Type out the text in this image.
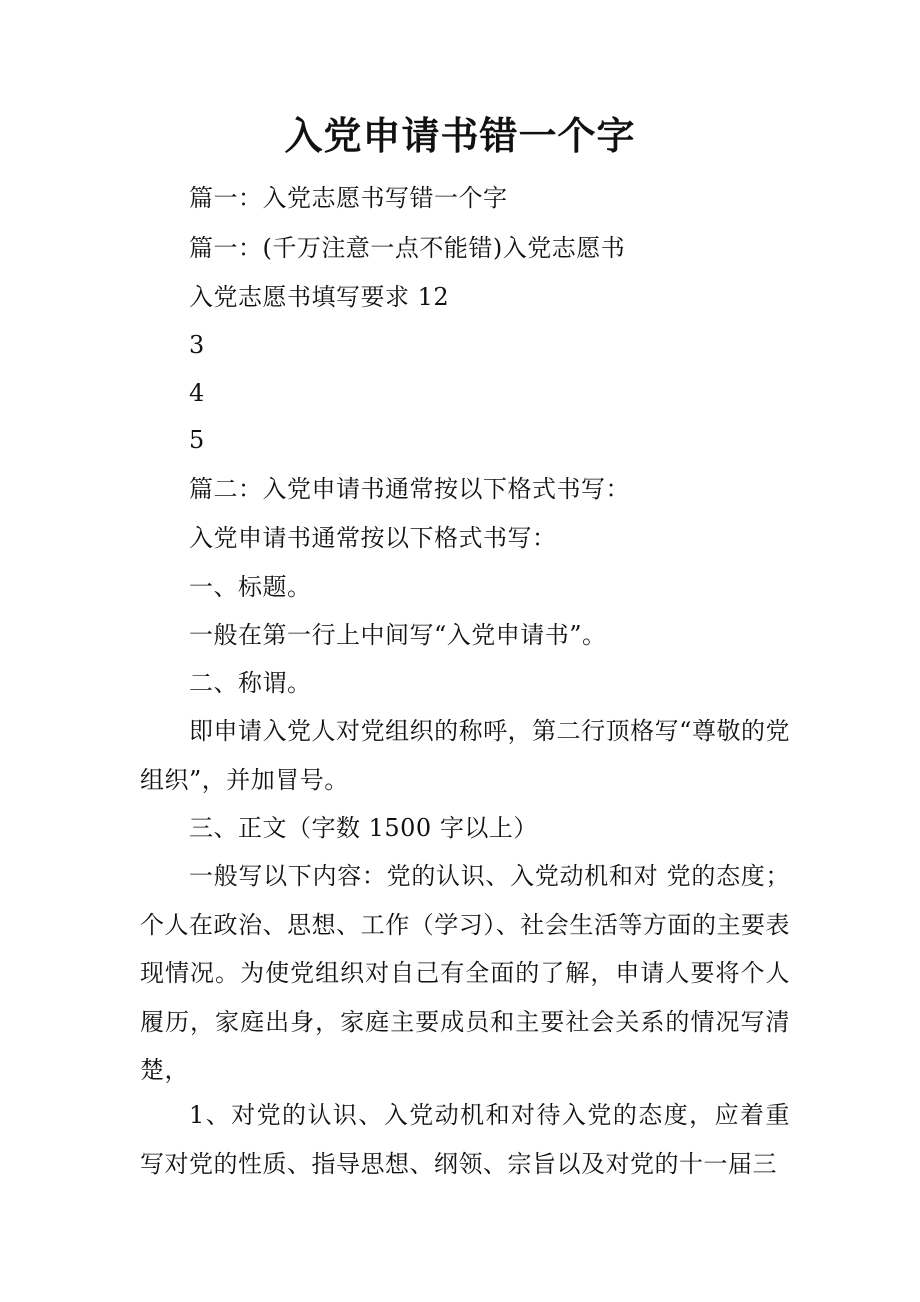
入党申请书错一个字
篇一：入党志愿书写错一个字
篇一：(千万注意一点不能错)入党志愿书
入党志愿书填写要求 12
3
4
5
篇二：入党申请书通常按以下格式书写：
入党申请书通常按以下格式书写：
一、标题。
一般在第一行上中间写“入党申请书”。
二、称谓。
即申请入党人对党组织的称呼，第二行顶格写“尊敬的党组织”，并加冒号。
三、正文（字数 1500 字以上）
一般写以下内容：党的认识、入党动机和对 党的态度；个人在政治、思想、工作（学习）、社会生活等方面的主要表现情况。为使党组织对自己有全面的了解，申请人要将个人履历，家庭出身，家庭主要成员和主要社会关系的情况写清楚，
1、对党的认识、入党动机和对待入党的态度，应着重写对党的性质、指导思想、纲领、宗旨以及对党的十一届三
